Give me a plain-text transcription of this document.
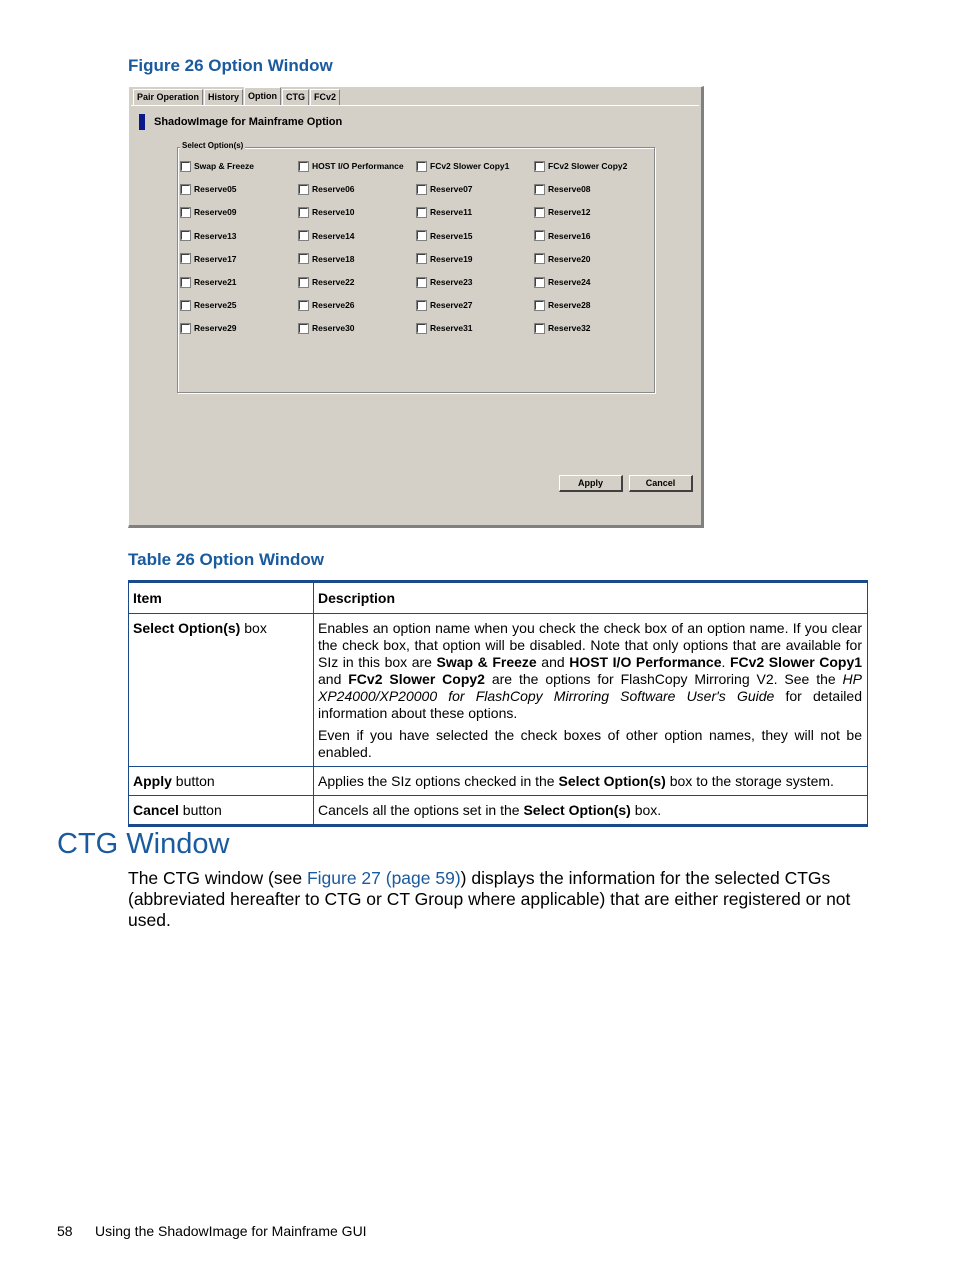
Figure 26 Option Window
Pair Operation	History	Option	CTG	FCv2
ShadowImage for Mainframe Option
Select Option(s)
Swap & Freeze	HOST I/O Performance	FCv2 Slower Copy1	FCv2 Slower Copy2
Reserve05	Reserve06	Reserve07	Reserve08
Reserve09	Reserve10	Reserve11	Reserve12
Reserve13	Reserve14	Reserve15	Reserve16
Reserve17	Reserve18	Reserve19	Reserve20
Reserve21	Reserve22	Reserve23	Reserve24
Reserve25	Reserve26	Reserve27	Reserve28
Reserve29	Reserve30	Reserve31	Reserve32
Apply	Cancel
Table 26 Option Window
Item	Description
Select Option(s) box	Enables an option name when you check the check box of an option name. If you clear the check box, that option will be disabled. Note that only options that are available for SIz in this box are Swap & Freeze and HOST I/O Performance. FCv2 Slower Copy1 and FCv2 Slower Copy2 are the options for FlashCopy Mirroring V2. See the HP XP24000/XP20000 for FlashCopy Mirroring Software User's Guide for detailed information about these options.

Even if you have selected the check boxes of other option names, they will not be enabled.

Apply button	Applies the SIz options checked in the Select Option(s) box to the storage system.
Cancel button	Cancels all the options set in the Select Option(s) box.
CTG Window
The CTG window (see Figure 27 (page 59)) displays the information for the selected CTGs (abbreviated hereafter to CTG or CT Group where applicable) that are either registered or not used.
58 Using the ShadowImage for Mainframe GUI
